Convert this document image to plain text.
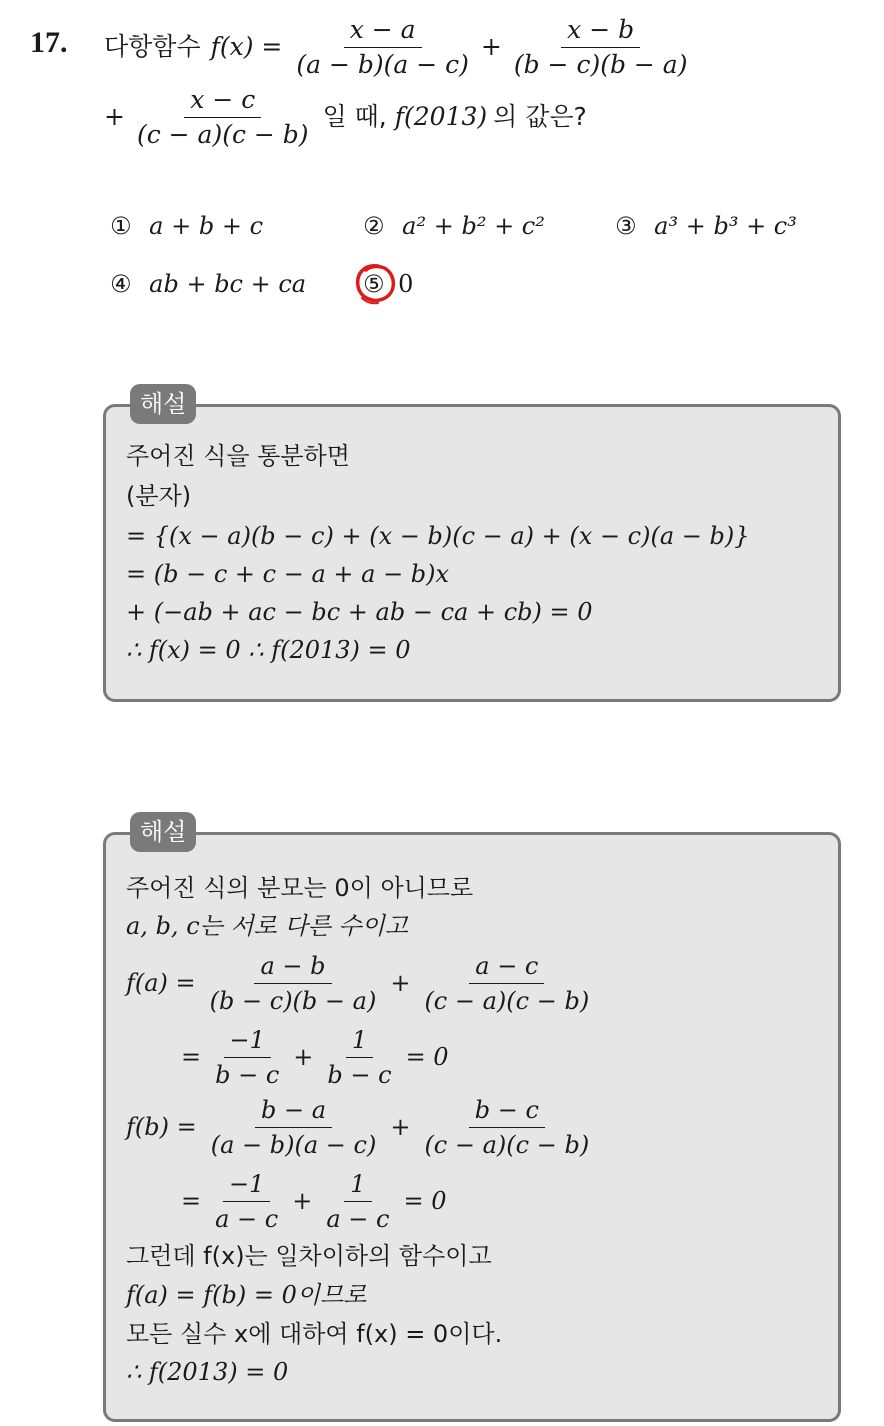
17. 다항함수 $f(x) = \frac{x - a}{(a - b)(a - c)} + \frac{x - b}{(b - c)(b - a)}$
+ $\frac{x - c}{(c - a)(c - b)}$ 일 때, f(2013) 의 값은?
① a + b + c	② a² + b² + c²	③ a³ + b³ + c³
④ ab + bc + ca ⑤ 0
주어진 식을 통분하면
(분자)
= {(x − a)(b − c) + (x − b)(c − a) + (x − c)(a − b)}
= (b − c + c − a + a − b)x
+ (−ab + ac − bc + ab − ca + cb) = 0
∴ f(x) = 0 ∴ f(2013) = 0
해설
주어진 식의 분모는 0이 아니므로
a, b, c는 서로 다른 수이고
$f(a) = \frac{a - b}{(b - c)(b - a)} + \frac{a - c}{(c - a)(c - b)}$
= $\frac{-1}{b - c} + \frac{1}{b - c} = 0$
$f(b) = \frac{b - a}{(a - b)(a - c)} + \frac{b - c}{(c - a)(c - b)}$
= $\frac{-1}{a - c} + \frac{1}{a - c} = 0$
그런데 f(x)는 일차이하의 함수이고
f(a) = f(b) = 0이므로
모든 실수 x에 대하여 f(x) = 0이다.
∴ f(2013) = 0
해설
